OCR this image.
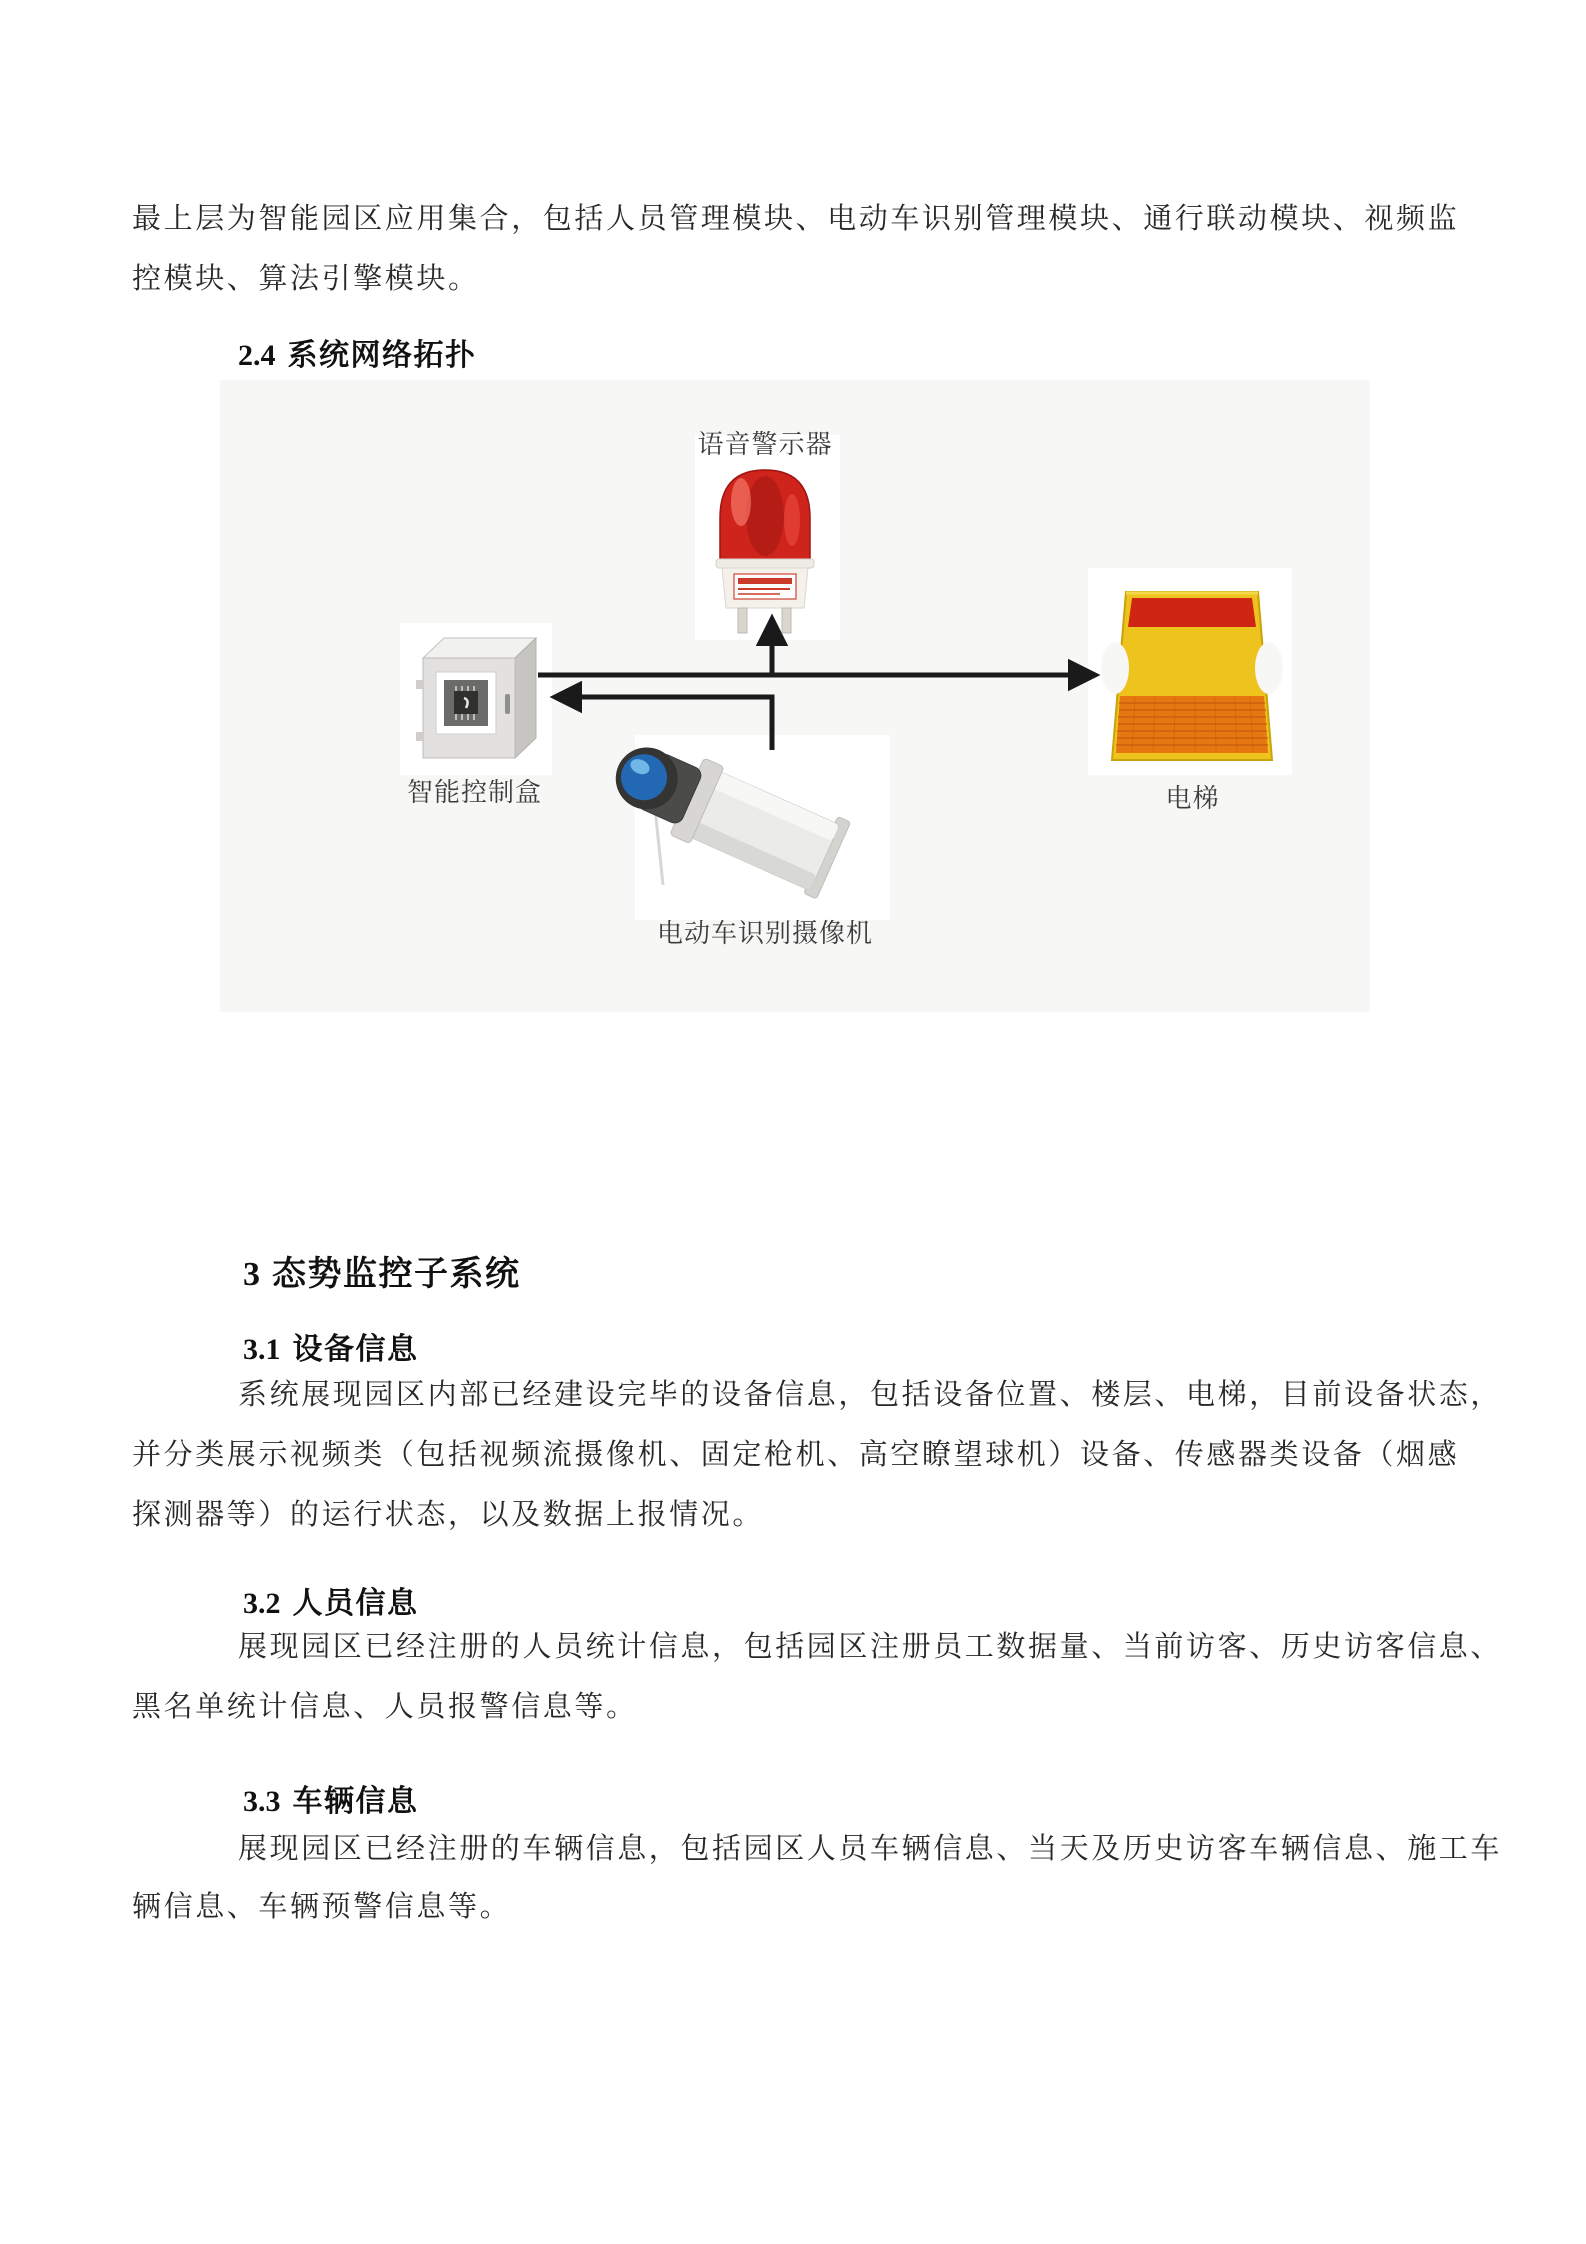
最上层为智能园区应用集合，包括人员管理模块、电动车识别管理模块、通行联动模块、视频监
控模块、算法引擎模块。
2.4 系统网络拓扑
语音警示器
智能控制盒
电动车识别摄像机
电梯
3 态势监控子系统
3.1 设备信息
系统展现园区内部已经建设完毕的设备信息，包括设备位置、楼层、电梯，目前设备状态，
并分类展示视频类（包括视频流摄像机、固定枪机、高空瞭望球机）设备、传感器类设备（烟感
探测器等）的运行状态，以及数据上报情况。
3.2 人员信息
展现园区已经注册的人员统计信息，包括园区注册员工数据量、当前访客、历史访客信息、
黑名单统计信息、人员报警信息等。
3.3 车辆信息
展现园区已经注册的车辆信息，包括园区人员车辆信息、当天及历史访客车辆信息、施工车
辆信息、车辆预警信息等。
